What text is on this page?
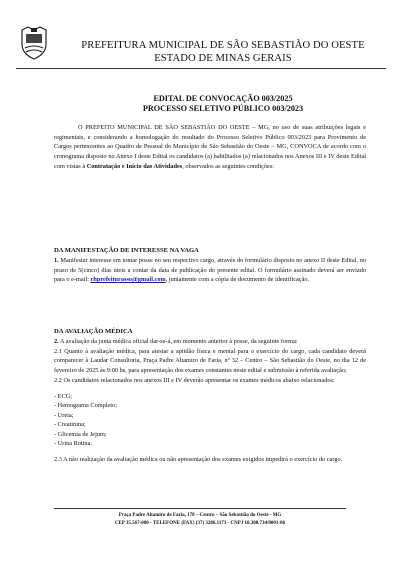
PREFEITURA MUNICIPAL DE SÃO SEBASTIÃO DO OESTE
ESTADO DE MINAS GERAIS
EDITAL DE CONVOCAÇÃO 003/2025
PROCESSO SELETIVO PÚBLICO 003/2023
O PREFEITO MUNICIPAL DE SÃO SEBASTIÃO DO OESTE – MG, no uso de suas atribuições legais e regimentais, e considerando a homologação do resultado do Processo Seletivo Público 003/2023 para Provimento de Cargos pertencentes ao Quadro de Pessoal do Município de São Sebastião do Oeste – MG, CONVOCA de acordo com o cronograma disposto no Anexo I deste Edital os candidatos (a) habilitados (a) relacionados nos Anexos III e IV deste Edital com vistas à Contratação e Início das Atividades, observados as seguintes condições:
DA MANIFESTAÇÃO DE INTERESSE NA VAGA
1. Manifestar interesse em tomar posse no seu respectivo cargo, através do formulário disposto no anexo II deste Edital, no prazo de 5(cinco) dias úteis a contar da data de publicação do presente edital. O formulário assinado deverá ser enviado para o e-mail: rhprefeiturasso@gmail.com, juntamente com a cópia de documento de identificação.
DA AVALIAÇÃO MÉDICA
2. A avaliação da junta médica oficial dar-se-á, em momento anterior à posse, da seguinte forma:
2.1 Quanto à avaliação médica, para atestar a aptidão física e mental para o exercício do cargo, cada candidato deverá comparecer à Laudar Consultoria, Praça Padre Altamiro de Faria, nº 32 – Centro – São Sebastião do Oeste, no dia 12 de fevereiro de 2025 às 9:00 hs, para apresentação dos exames constantes neste edital e submissão à referida avaliação;
2.2 Os candidatos relacionados nos anexos III e IV deverão apresentar os exames médicos abaixo relacionados:
- ECG;
- Hemograma Completo;
- Ureia;
- Creatinina;
- Glicemia de Jejum;
- Urina Rotina.
2.3 A não realização da avaliação médica ou não apresentação dos exames exigidos impedirá o exercício do cargo.
Praça Padre Altamiro de Faria, 178 – Centro – São Sebastião do Oeste - MG
CEP 35.567-000 - TELEFONE (FAX) (37) 3286.1173 - CNPJ 18.308.734/0001-06
